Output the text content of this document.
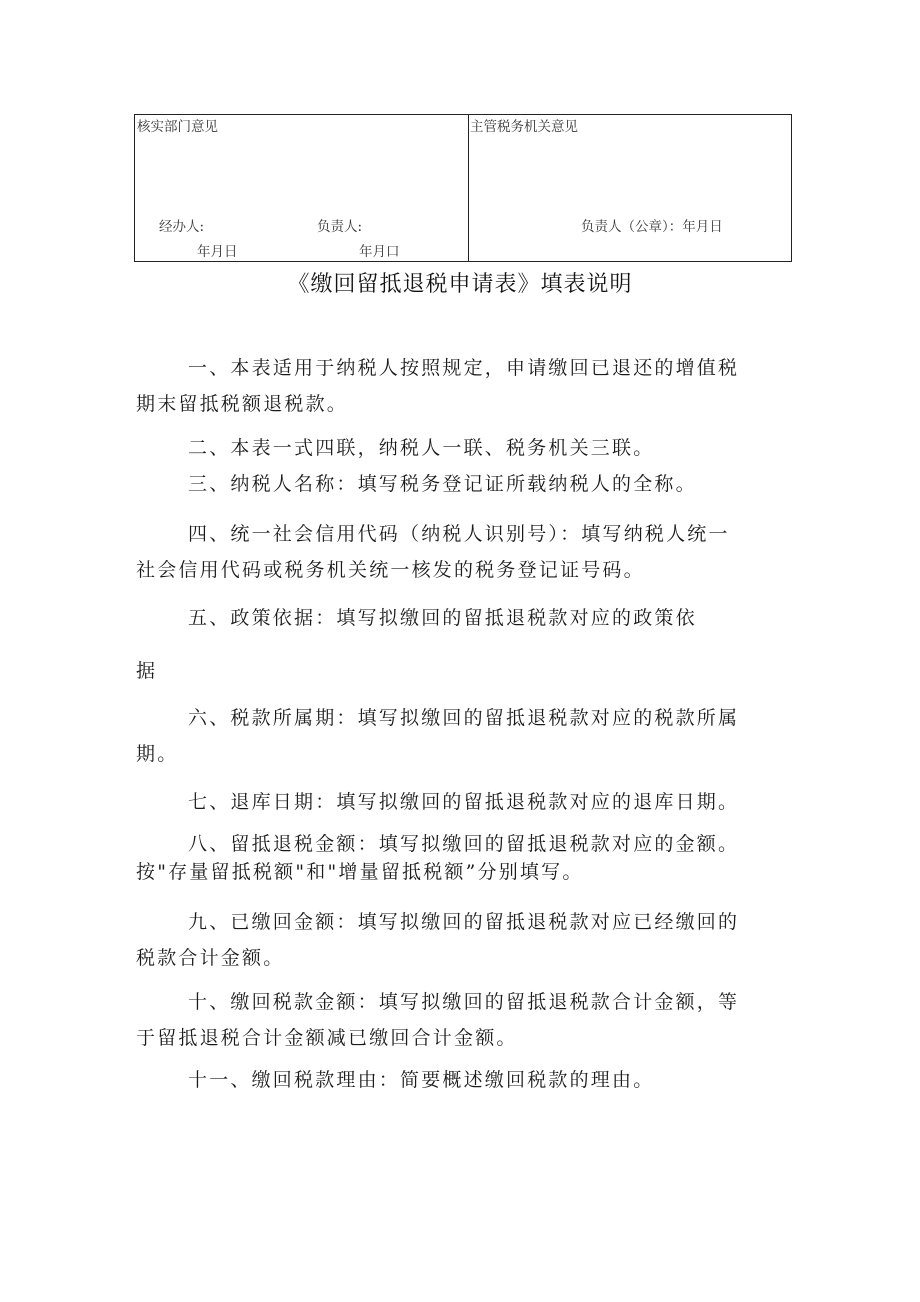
核实部门意见
经办人:	负责人:
年月日	年月口
主管税务机关意见
负责人（公章）：年月日
《缴回留抵退税申请表》填表说明

一、本表适用于纳税人按照规定，申请缴回已退还的增值税
期末留抵税额退税款。

二、本表一式四联，纳税人一联、税务机关三联。

三、纳税人名称：填写税务登记证所载纳税人的全称。

四、统一社会信用代码（纳税人识别号）：填写纳税人统一
社会信用代码或税务机关统一核发的税务登记证号码。

五、政策依据：填写拟缴回的留抵退税款对应的政策依

据

六、税款所属期：填写拟缴回的留抵退税款对应的税款所属
期。

七、退库日期：填写拟缴回的留抵退税款对应的退库日期。

八、留抵退税金额：填写拟缴回的留抵退税款对应的金额。
按"存量留抵税额"和"增量留抵税额”分别填写。

九、已缴回金额：填写拟缴回的留抵退税款对应已经缴回的
税款合计金额。

十、缴回税款金额：填写拟缴回的留抵退税款合计金额，等
于留抵退税合计金额减已缴回合计金额。

十一、缴回税款理由：简要概述缴回税款的理由。
